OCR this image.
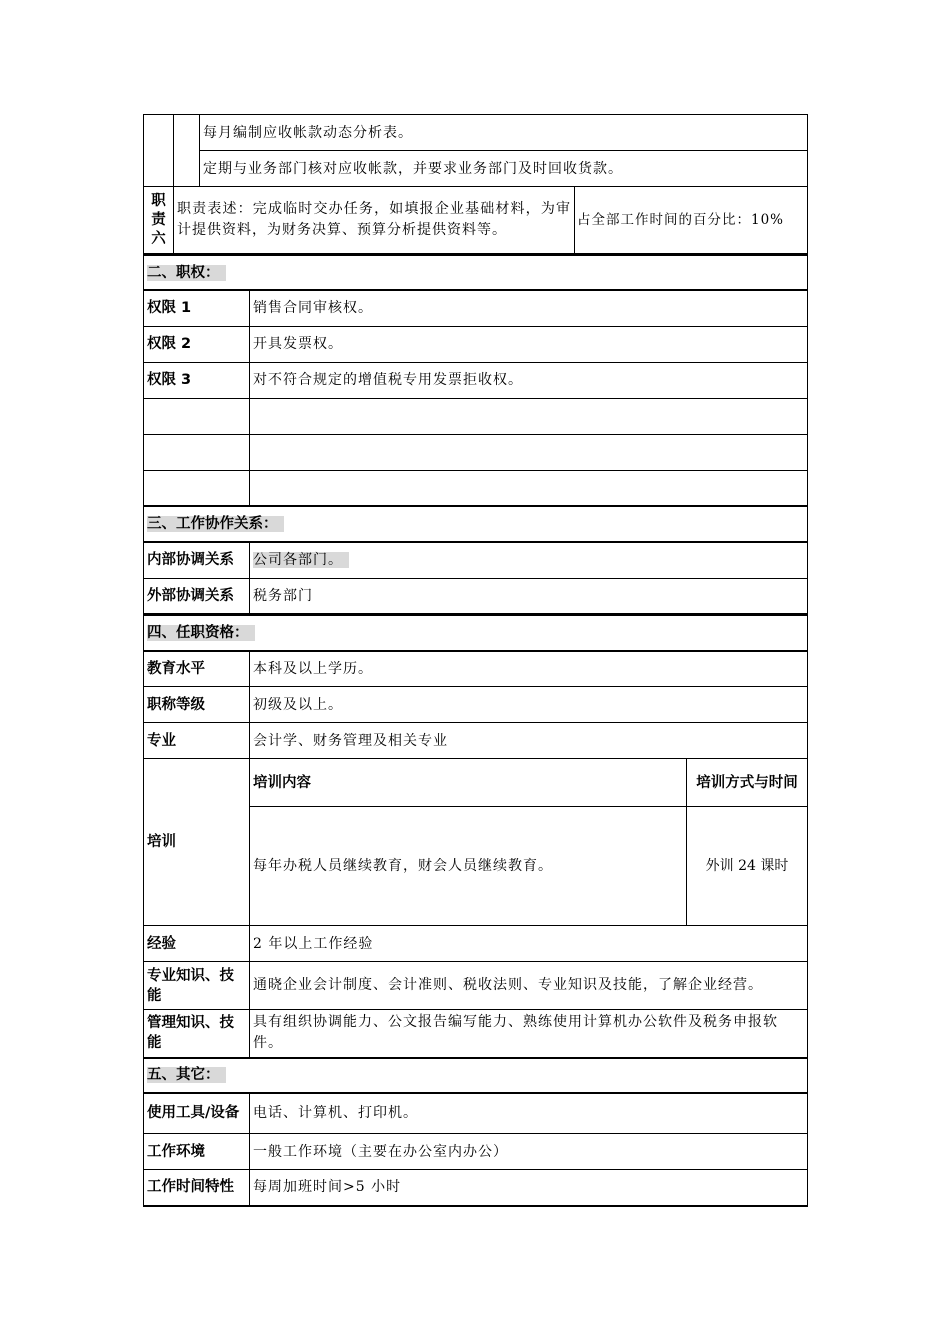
		每月编制应收帐款动态分析表。	
		定期与业务部门核对应收帐款，并要求业务部门及时回收货款。	
职
责
六	职责表述：完成临时交办任务，如填报企业基础材料，为审计提供资料，为财务决算、预算分析提供资料等。		占全部工作时间的百分比：10%
二、职权：	
权限 1	销售合同审核权。
权限 2	开具发票权。
权限 3	对不符合规定的增值税专用发票拒收权。

三、工作协作关系：	
内部协调关系	公司各部门。
外部协调关系	税务部门
四、任职资格：		
教育水平	本科及以上学历。	
职称等级	初级及以上。	
专业	会计学、财务管理及相关专业	
培训	培训内容	培训方式与时间
	每年办税人员继续教育，财会人员继续教育。	外训 24 课时
经验	2 年以上工作经验	
专业知识、技能	通晓企业会计制度、会计准则、税收法则、专业知识及技能，了解企业经营。	
管理知识、技能	具有组织协调能力、公文报告编写能力、熟练使用计算机办公软件及税务申报软件。	
五、其它：		
使用工具/设备	电话、计算机、打印机。	
工作环境	一般工作环境（主要在办公室内办公）	
工作时间特性	每周加班时间>5 小时	
